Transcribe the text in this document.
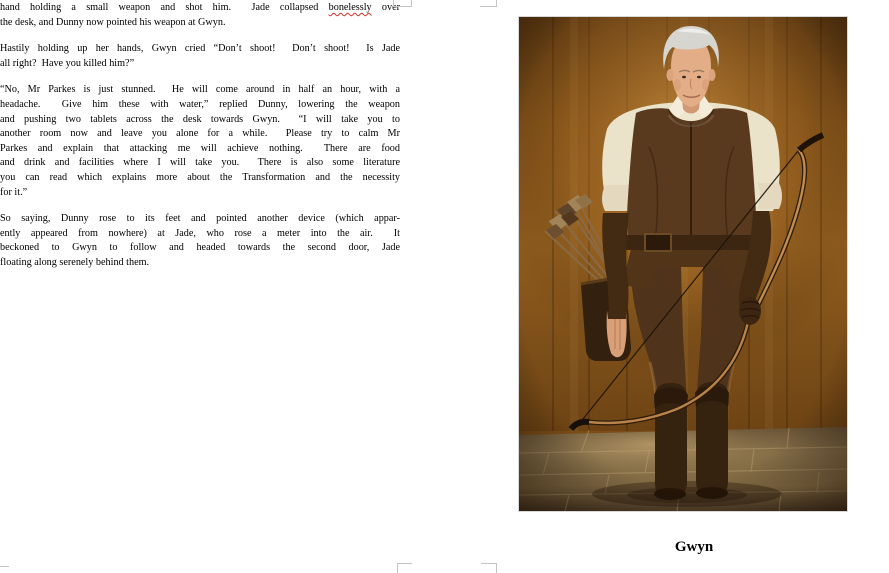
hand holding a small weapon and shot him.  Jade collapsed bonelessly over
the desk, and Dunny now pointed his weapon at Gwyn.
Hastily holding up her hands, Gwyn cried “Don’t shoot!  Don’t shoot!  Is Jade
all right?  Have you killed him?”
“No, Mr Parkes is just stunned.  He will come around in half an hour, with a
headache.  Give him these with water,” replied Dunny, lowering the weapon
and pushing two tablets across the desk towards Gwyn.  “I will take you to
another room now and leave you alone for a while.  Please try to calm Mr
Parkes and explain that attacking me will achieve nothing.  There are food
and drink and facilities where I will take you.  There is also some literature
you can read which explains more about the Transformation and the necessity
for it.”
So saying, Dunny rose to its feet and pointed another device (which appar-
ently appeared from nowhere) at Jade, who rose a meter into the air.  It
beckoned to Gwyn to follow and headed towards the second door, Jade
floating along serenely behind them.
Gwyn
